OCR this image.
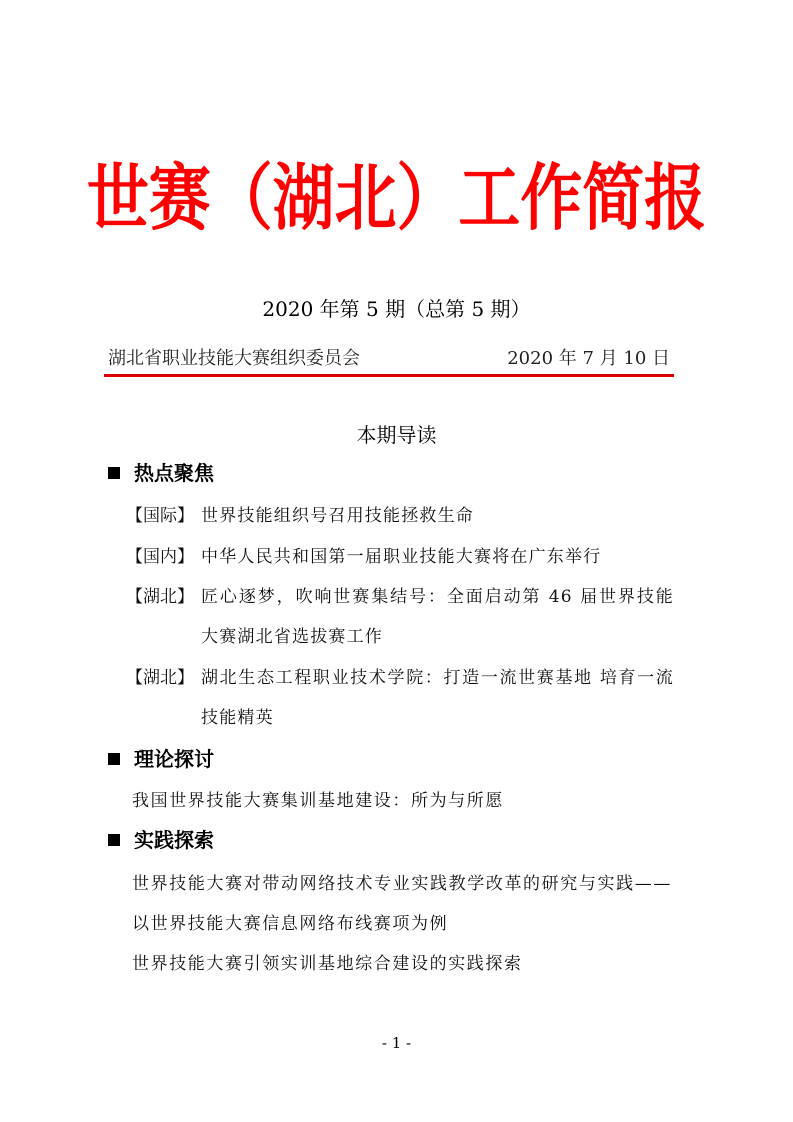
世赛（湖北）工作简报
2020 年第 5 期（总第 5 期）
湖北省职业技能大赛组织委员会	2020 年 7 月 10 日
本期导读
热点聚焦
【国际】 世界技能组织号召用技能拯救生命
【国内】 中华人民共和国第一届职业技能大赛将在广东举行
【湖北】 匠心逐梦，吹响世赛集结号：全面启动第 46 届世界技能大赛湖北省选拔赛工作
【湖北】 湖北生态工程职业技术学院：打造一流世赛基地 培育一流技能精英
理论探讨
我国世界技能大赛集训基地建设：所为与所愿
实践探索
世界技能大赛对带动网络技术专业实践教学改革的研究与实践——以世界技能大赛信息网络布线赛项为例
世界技能大赛引领实训基地综合建设的实践探索
- 1 -
